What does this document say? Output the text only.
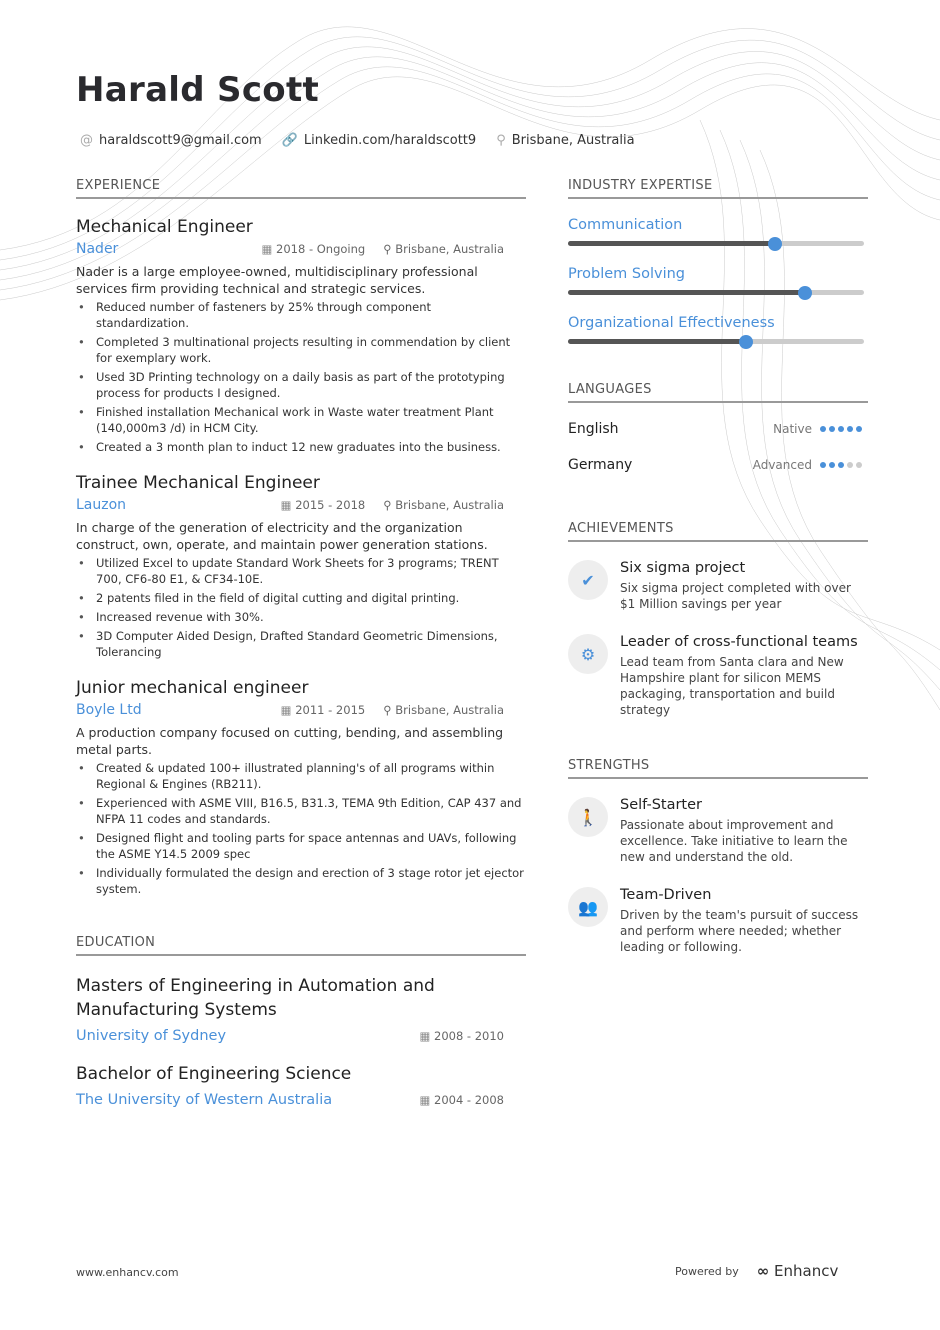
Harald Scott
@ haraldscott9@gmail.com 🔗 Linkedin.com/haraldscott9 ⚲ Brisbane, Australia
EXPERIENCE
Mechanical Engineer
Nader	▦ 2018 - Ongoing ⚲ Brisbane, Australia
Nader is a large employee-owned, multidisciplinary professional services firm providing technical and strategic services.
• Reduced number of fasteners by 25% through component standardization.
• Completed 3 multinational projects resulting in commendation by client for exemplary work.
• Used 3D Printing technology on a daily basis as part of the prototyping process for products I designed.
• Finished installation Mechanical work in Waste water treatment Plant (140,000m3 /d) in HCM City.
• Created a 3 month plan to induct 12 new graduates into the business.
Trainee Mechanical Engineer
Lauzon	▦ 2015 - 2018 ⚲ Brisbane, Australia
In charge of the generation of electricity and the organization construct, own, operate, and maintain power generation stations.
• Utilized Excel to update Standard Work Sheets for 3 programs; TRENT 700, CF6-80 E1, & CF34-10E.
• 2 patents filed in the field of digital cutting and digital printing.
• Increased revenue with 30%.
• 3D Computer Aided Design, Drafted Standard Geometric Dimensions, Tolerancing
Junior mechanical engineer
Boyle Ltd	▦ 2011 - 2015 ⚲ Brisbane, Australia
A production company focused on cutting, bending, and assembling metal parts.
• Created & updated 100+ illustrated planning's of all programs within Regional & Engines (RB211).
• Experienced with ASME VIII, B16.5, B31.3, TEMA 9th Edition, CAP 437 and NFPA 11 codes and standards.
• Designed flight and tooling parts for space antennas and UAVs, following the ASME Y14.5 2009 spec
• Individually formulated the design and erection of 3 stage rotor jet ejector system.
EDUCATION
Masters of Engineering in Automation and Manufacturing Systems
University of Sydney	▦ 2008 - 2010
Bachelor of Engineering Science
The University of Western Australia	▦ 2004 - 2008
INDUSTRY EXPERTISE
Communication
Problem Solving
Organizational Effectiveness
LANGUAGES
English	Native
Germany	Advanced
ACHIEVEMENTS
✔
Six sigma project
Six sigma project completed with over $1 Million savings per year
⚙
Leader of cross-functional teams
Lead team from Santa clara and New Hampshire plant for silicon MEMS packaging, transportation and build strategy
STRENGTHS
🚶
Self-Starter
Passionate about improvement and excellence. Take initiative to learn the new and understand the old.
👥
Team-Driven
Driven by the team's pursuit of success and perform where needed; whether leading or following.
www.enhancv.com	Powered by ∞ Enhancv
